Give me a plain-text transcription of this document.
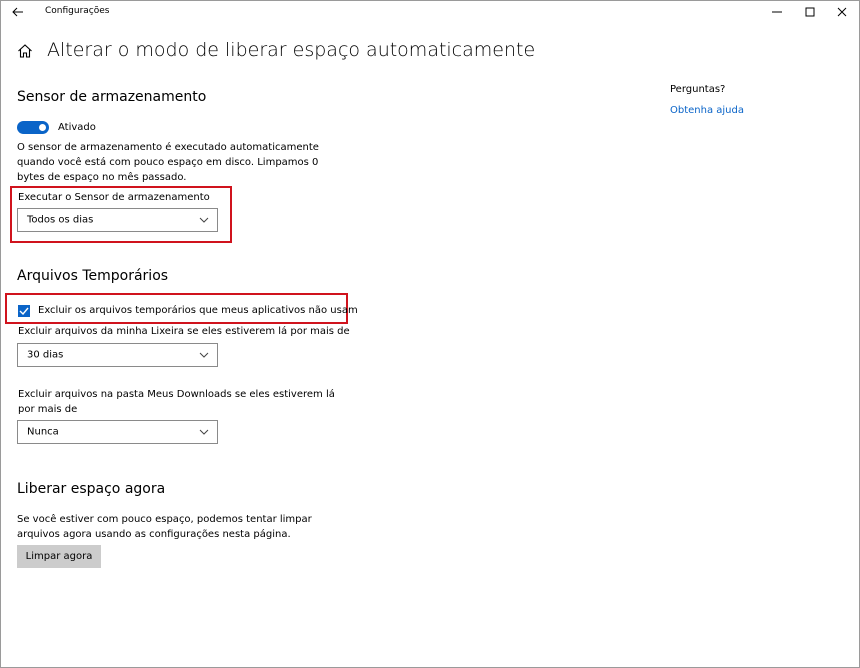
Configurações
Alterar o modo de liberar espaço automaticamente
Sensor de armazenamento
Ativado
O sensor de armazenamento é executado automaticamente quando você está com pouco espaço em disco. Limpamos 0 bytes de espaço no mês passado.
Executar o Sensor de armazenamento
Todos os dias
Arquivos Temporários
Excluir os arquivos temporários que meus aplicativos não usam
Excluir arquivos da minha Lixeira se eles estiverem lá por mais de
30 dias
Excluir arquivos na pasta Meus Downloads se eles estiverem lá por mais de
Nunca
Liberar espaço agora
Se você estiver com pouco espaço, podemos tentar limpar arquivos agora usando as configurações nesta página.
Limpar agora
Perguntas?
Obtenha ajuda
